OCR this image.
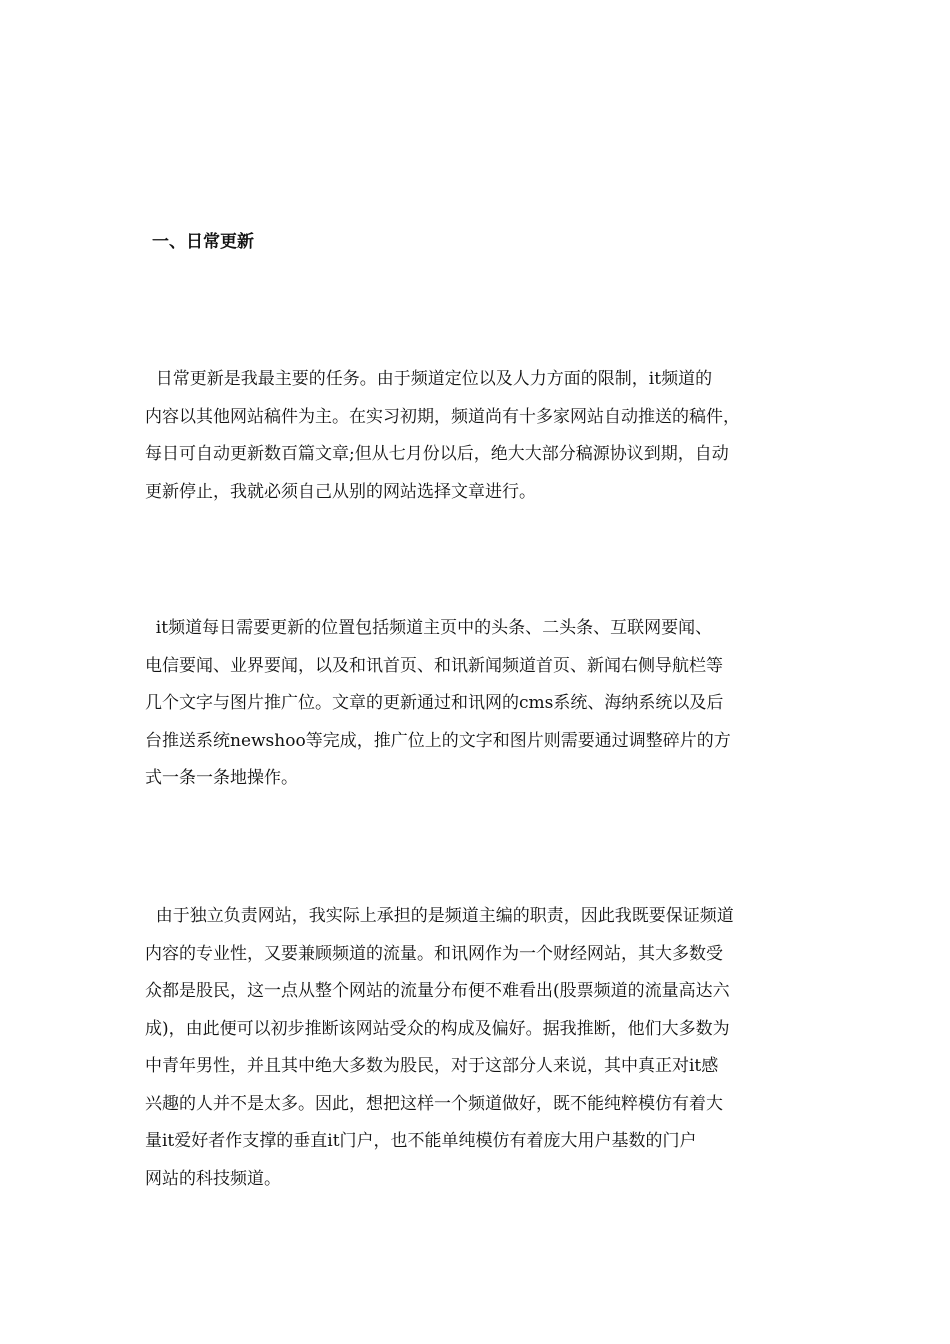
一、日常更新
日常更新是我最主要的任务。由于频道定位以及人力方面的限制，it频道的
内容以其他网站稿件为主。在实习初期，频道尚有十多家网站自动推送的稿件，
每日可自动更新数百篇文章;但从七月份以后，绝大大部分稿源协议到期，自动
更新停止，我就必须自己从别的网站选择文章进行。
it频道每日需要更新的位置包括频道主页中的头条、二头条、互联网要闻、
电信要闻、业界要闻，以及和讯首页、和讯新闻频道首页、新闻右侧导航栏等
几个文字与图片推广位。文章的更新通过和讯网的cms系统、海纳系统以及后
台推送系统newshoo等完成，推广位上的文字和图片则需要通过调整碎片的方
式一条一条地操作。
由于独立负责网站，我实际上承担的是频道主编的职责，因此我既要保证频道
内容的专业性，又要兼顾频道的流量。和讯网作为一个财经网站，其大多数受
众都是股民，这一点从整个网站的流量分布便不难看出(股票频道的流量高达六
成)，由此便可以初步推断该网站受众的构成及偏好。据我推断，他们大多数为
中青年男性，并且其中绝大多数为股民，对于这部分人来说，其中真正对it感
兴趣的人并不是太多。因此，想把这样一个频道做好，既不能纯粹模仿有着大
量it爱好者作支撑的垂直it门户，也不能单纯模仿有着庞大用户基数的门户
网站的科技频道。
